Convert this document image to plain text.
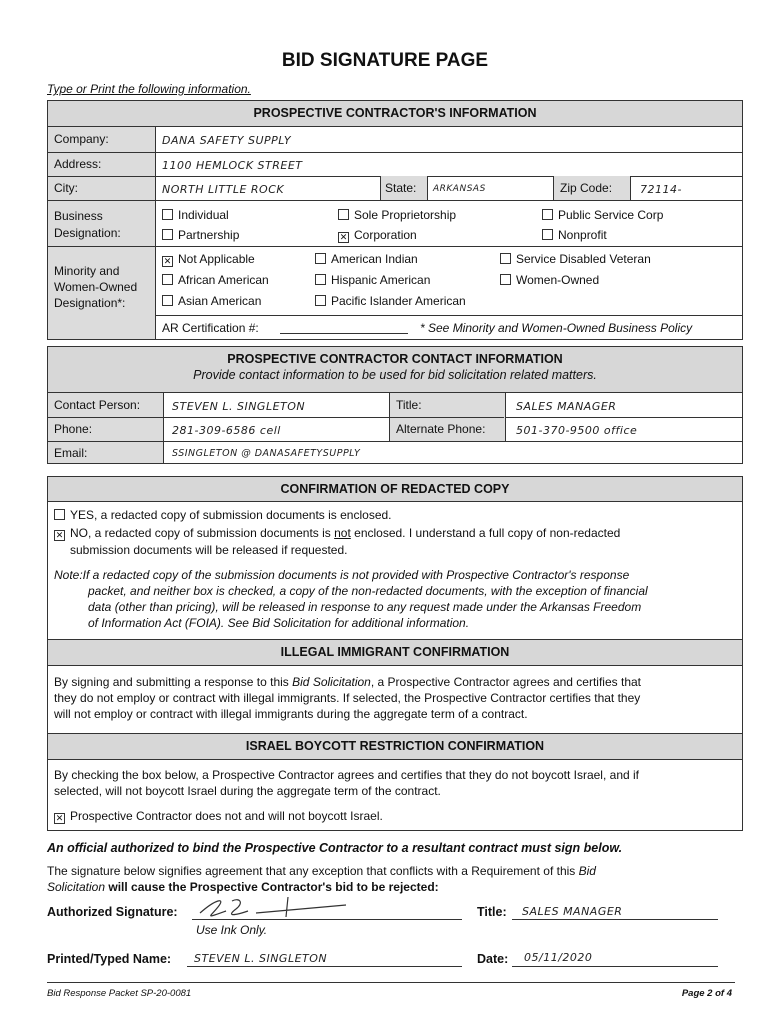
BID SIGNATURE PAGE
Type or Print the following information.
PROSPECTIVE CONTRACTOR'S INFORMATION
Company:	DANA SAFETY SUPPLY
Address:	1100 HEMLOCK STREET
City:	NORTH LITTLE ROCK	State: ARKANSAS	Zip Code:	72114-
Business
Designation:
Individual	Sole Proprietorship	Public Service Corp
Partnership	✕ Corporation	Nonprofit
Minority and
Women-Owned
Designation*:
✕ Not Applicable	American Indian	Service Disabled Veteran
African American	Hispanic American	Women-Owned
Asian American	Pacific Islander American
AR Certification #:	* See Minority and Women-Owned Business Policy
PROSPECTIVE CONTRACTOR CONTACT INFORMATION
Provide contact information to be used for bid solicitation related matters.
Contact Person:	STEVEN L. SINGLETON	Title:	SALES MANAGER
Phone:	281-309-6586 cell	Alternate Phone:	501-370-9500 office
Email:	SSINGLETON @ DANASAFETYSUPPLY
CONFIRMATION OF REDACTED COPY
YES, a redacted copy of submission documents is enclosed.
✕ NO, a redacted copy of submission documents is not enclosed. I understand a full copy of non-redacted
submission documents will be released if requested.
Note:If a redacted copy of the submission documents is not provided with Prospective Contractor's response
packet, and neither box is checked, a copy of the non-redacted documents, with the exception of financial
data (other than pricing), will be released in response to any request made under the Arkansas Freedom
of Information Act (FOIA). See Bid Solicitation for additional information.
ILLEGAL IMMIGRANT CONFIRMATION
By signing and submitting a response to this Bid Solicitation, a Prospective Contractor agrees and certifies that
they do not employ or contract with illegal immigrants. If selected, the Prospective Contractor certifies that they
will not employ or contract with illegal immigrants during the aggregate term of a contract.
ISRAEL BOYCOTT RESTRICTION CONFIRMATION
By checking the box below, a Prospective Contractor agrees and certifies that they do not boycott Israel, and if
selected, will not boycott Israel during the aggregate term of the contract.
✕ Prospective Contractor does not and will not boycott Israel.
An official authorized to bind the Prospective Contractor to a resultant contract must sign below.
The signature below signifies agreement that any exception that conflicts with a Requirement of this Bid
Solicitation will cause the Prospective Contractor's bid to be rejected:
Authorized Signature:
Use Ink Only.
Title: SALES MANAGER
Printed/Typed Name: STEVEN L. SINGLETON	Date: 05/11/2020
Bid Response Packet SP-20-0081	Page 2 of 4
